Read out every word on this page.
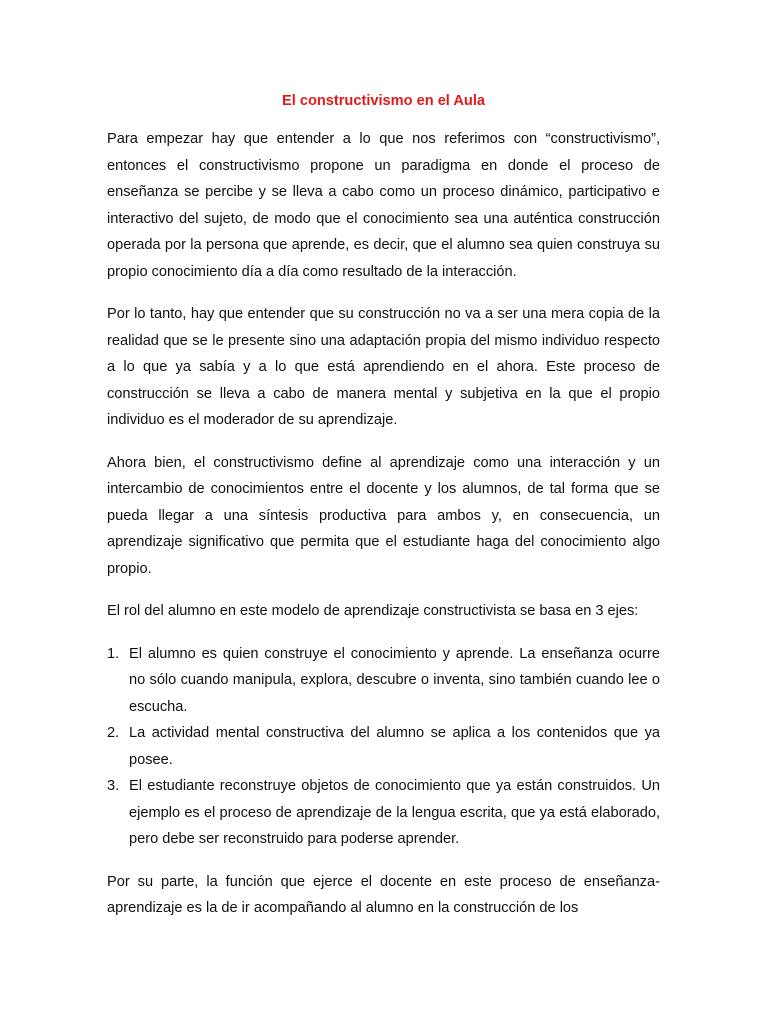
El constructivismo en el Aula

Para empezar hay que entender a lo que nos referimos con “constructivismo”, entonces el constructivismo propone un paradigma en donde el proceso de enseñanza se percibe y se lleva a cabo como un proceso dinámico, participativo e interactivo del sujeto, de modo que el conocimiento sea una auténtica construcción operada por la persona que aprende, es decir, que el alumno sea quien construya su propio conocimiento día a día como resultado de la interacción.

Por lo tanto, hay que entender que su construcción no va a ser una mera copia de la realidad que se le presente sino una adaptación propia del mismo individuo respecto a lo que ya sabía y a lo que está aprendiendo en el ahora. Este proceso de construcción se lleva a cabo de manera mental y subjetiva en la que el propio individuo es el moderador de su aprendizaje.

Ahora bien, el constructivismo define al aprendizaje como una interacción y un intercambio de conocimientos entre el docente y los alumnos, de tal forma que se pueda llegar a una síntesis productiva para ambos y, en consecuencia, un aprendizaje significativo que permita que el estudiante haga del conocimiento algo propio.

El rol del alumno en este modelo de aprendizaje constructivista se basa en 3 ejes:

1. El alumno es quien construye el conocimiento y aprende. La enseñanza ocurre no sólo cuando manipula, explora, descubre o inventa, sino también cuando lee o escucha.
2. La actividad mental constructiva del alumno se aplica a los contenidos que ya posee.
3. El estudiante reconstruye objetos de conocimiento que ya están construidos. Un ejemplo es el proceso de aprendizaje de la lengua escrita, que ya está elaborado, pero debe ser reconstruido para poderse aprender.

Por su parte, la función que ejerce el docente en este proceso de enseñanza-aprendizaje es la de ir acompañando al alumno en la construcción de los
